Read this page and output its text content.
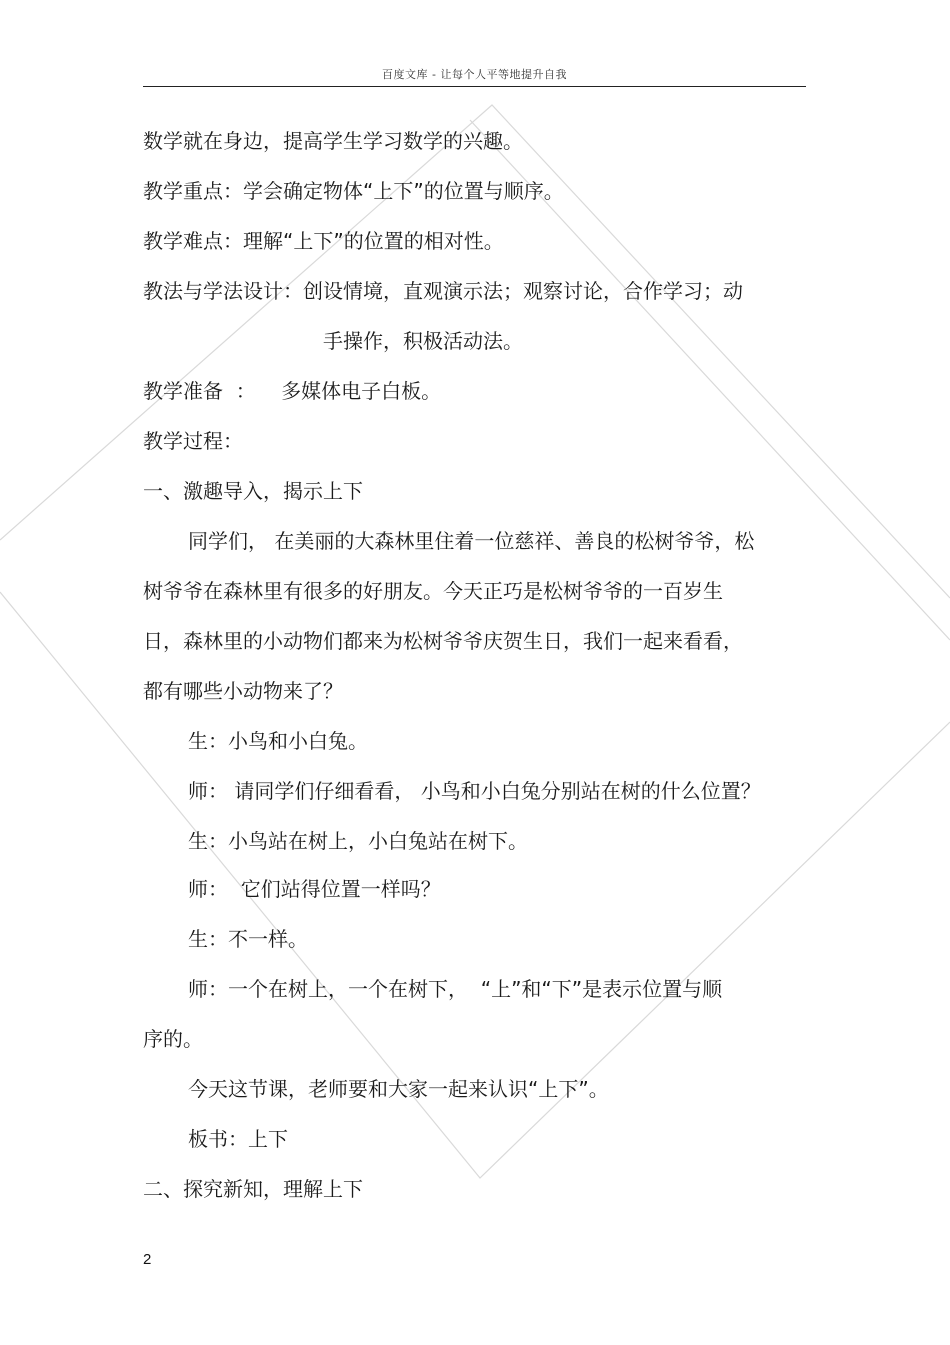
百度文库 - 让每个人平等地提升自我
数学就在身边，提高学生学习数学的兴趣。
教学重点：学会确定物体“上下”的位置与顺序。
教学难点：理解“上下”的位置的相对性。
教法与学法设计：创设情境，直观演示法；观察讨论，合作学习；动
手操作，积极活动法。
教学准备  ：    多媒体电子白板。
教学过程：
一、激趣导入，揭示上下
同学们， 在美丽的大森林里住着一位慈祥、善良的松树爷爷，松
树爷爷在森林里有很多的好朋友。今天正巧是松树爷爷的一百岁生
日，森林里的小动物们都来为松树爷爷庆贺生日，我们一起来看看，
都有哪些小动物来了？
生：小鸟和小白兔。
师： 请同学们仔细看看， 小鸟和小白兔分别站在树的什么位置？
生：小鸟站在树上，小白兔站在树下。
师：  它们站得位置一样吗？
生：不一样。
师：一个在树上，一个在树下，  “上”和“下”是表示位置与顺
序的。
今天这节课，老师要和大家一起来认识“上下”。
板书：上下
二、探究新知，理解上下
2
